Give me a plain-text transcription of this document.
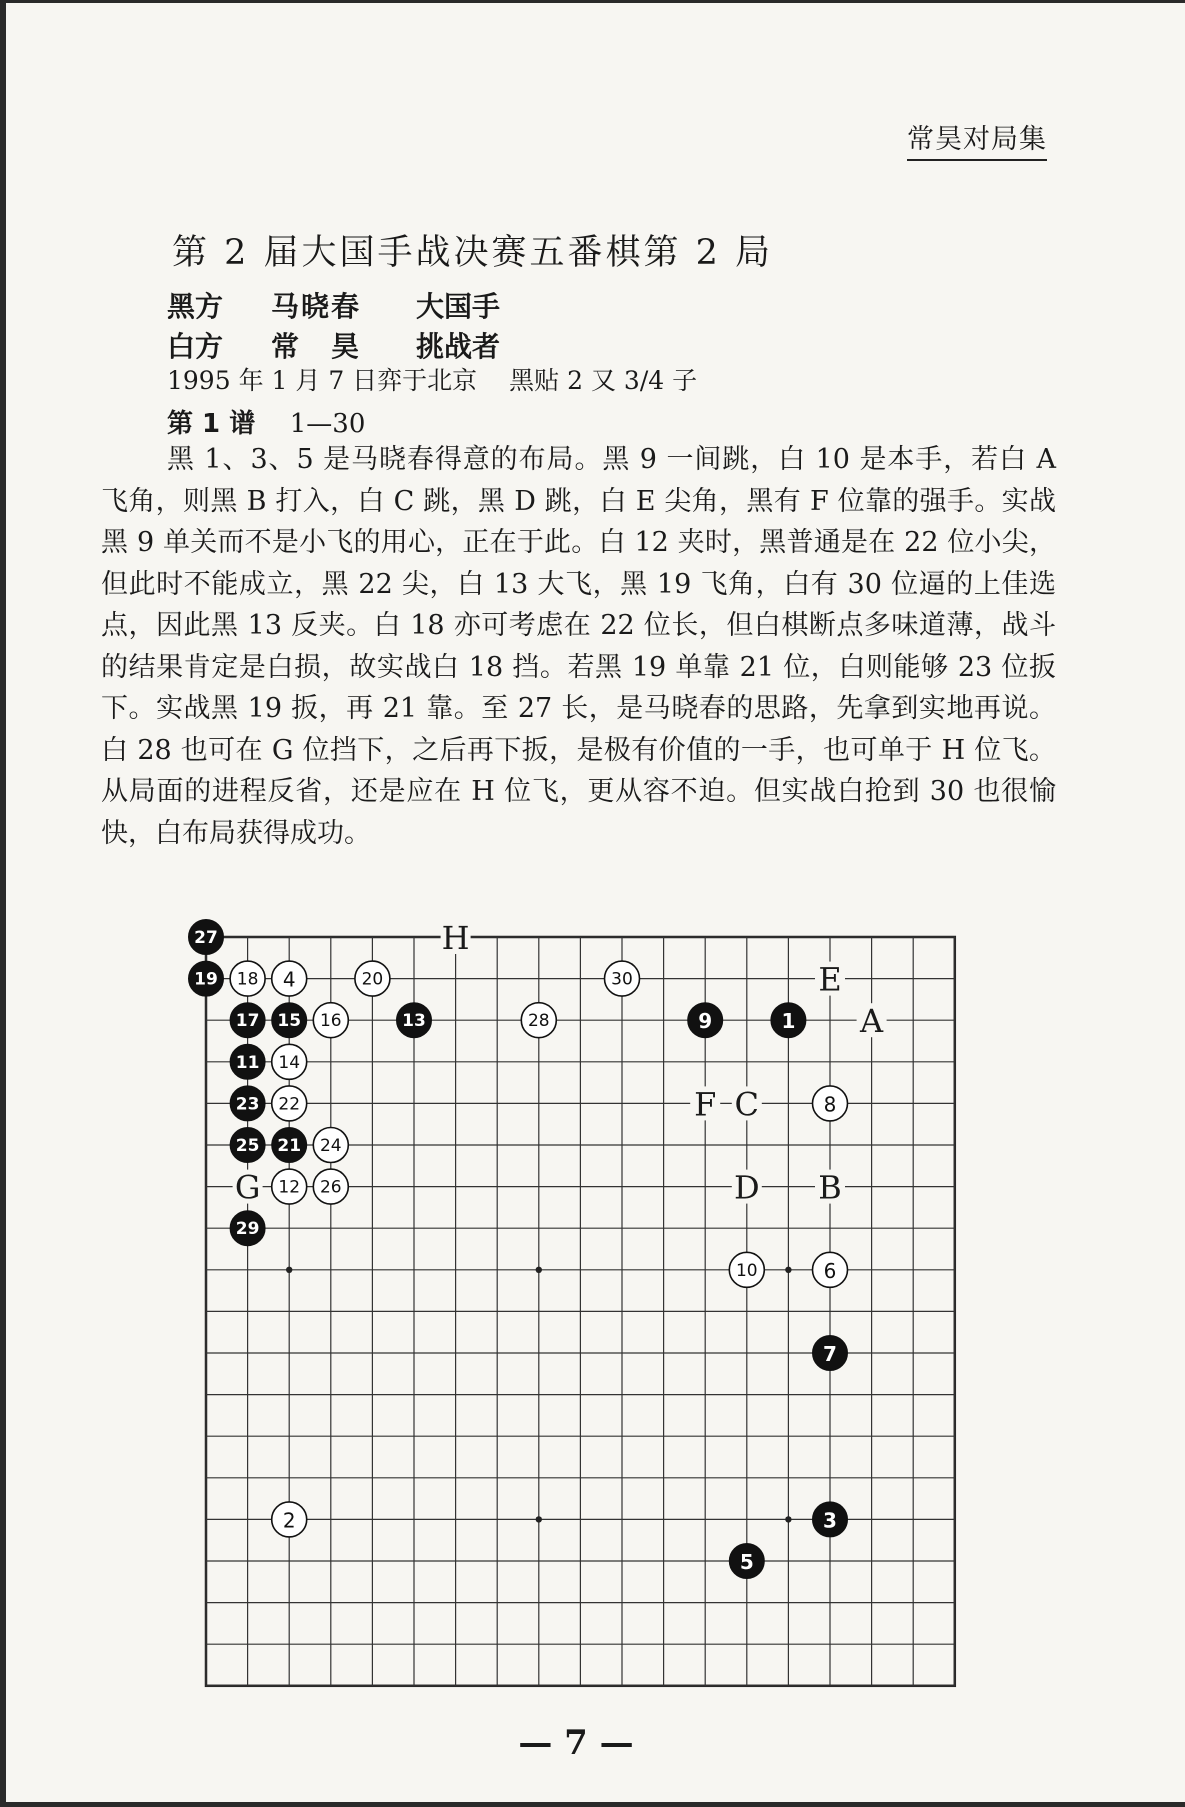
常昊对局集
第 2 届大国手战决赛五番棋第 2 局
黑方 马晓春 大国手
白方 常　昊 挑战者
1995 年 1 月 7 日弈于北京 黑贴 2 又 3/4 子
第 1 谱 1—30

黑 1、3、5 是马晓春得意的布局。黑 9 一间跳，白 10 是本手，若白 A 飞角，则黑 B 打入，白 C 跳，黑 D 跳，白 E 尖角，黑有 F 位靠的强手。实战黑 9 单关而不是小飞的用心，正在于此。白 12 夹时，黑普通是在 22 位小尖，但此时不能成立，黑 22 尖，白 13 大飞，黑 19 飞角，白有 30 位逼的上佳选点，因此黑 13 反夹。白 18 亦可考虑在 22 位长，但白棋断点多味道薄，战斗的结果肯定是白损，故实战白 18 挡。若黑 19 单靠 21 位，白则能够 23 位扳下。实战黑 19 扳，再 21 靠。至 27 长，是马晓春的思路，先拿到实地再说。白 28 也可在 G 位挡下，之后再下扳，是极有价值的一手，也可单于 H 位飞。从局面的进程反省，还是应在 H 位飞，更从容不迫。但实战白抢到 30 也很愉快，白布局获得成功。

A
B
C
D
E
F
G
H
1
2	3
4
5
6
7
8
9
10
11
12
13
14
15 16
17
18
19	20
21
22
23
24
25
26
27
28
29
30
— 7 —
